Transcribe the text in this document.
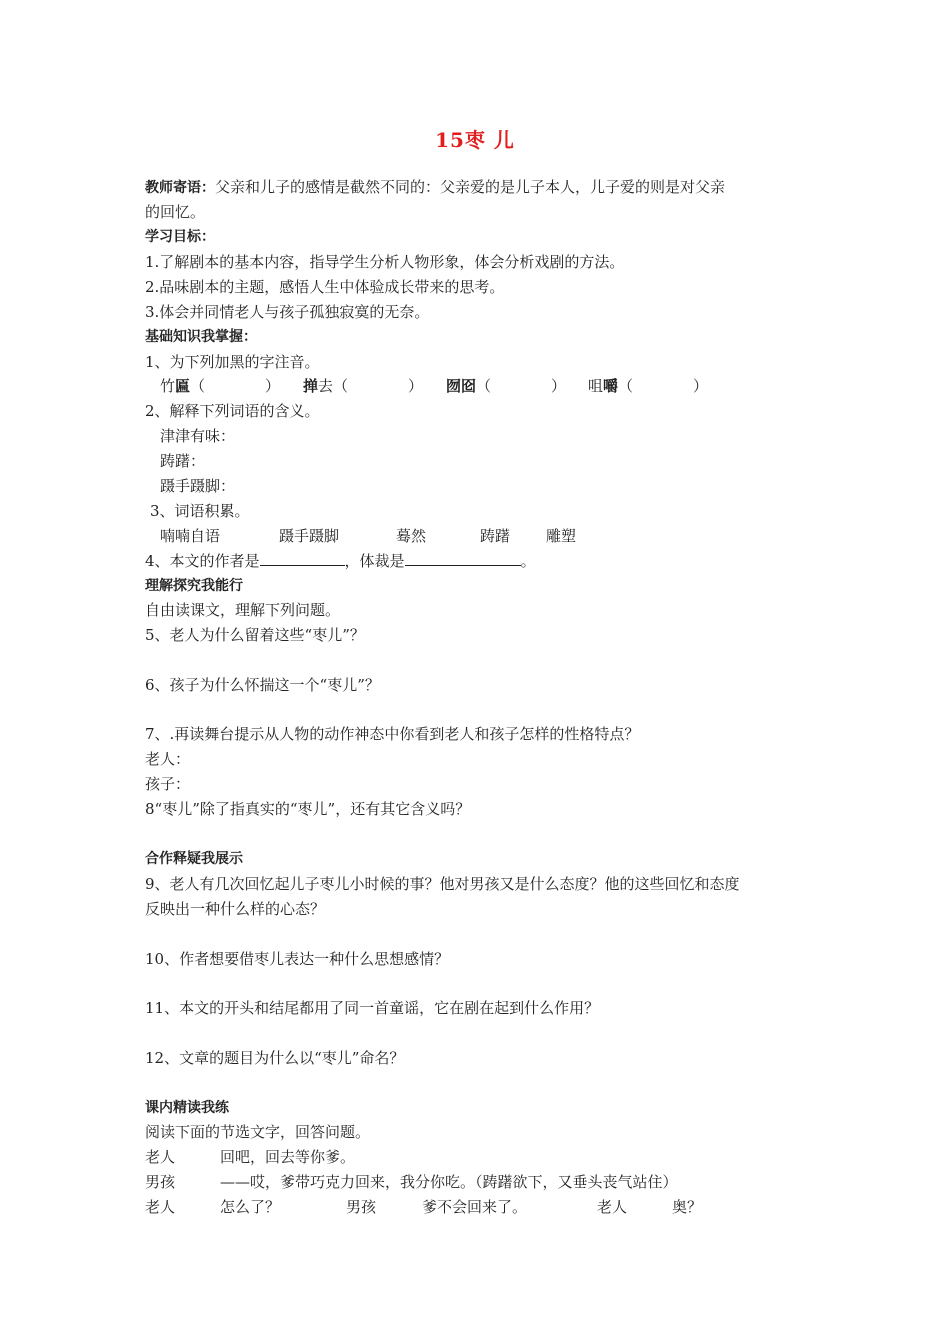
15枣 儿
教师寄语：父亲和儿子的感情是截然不同的：父亲爱的是儿子本人，儿子爱的则是对父亲
的回忆。
学习目标：
1.了解剧本的基本内容，指导学生分析人物形象，体会分析戏剧的方法。
2.品味剧本的主题，感悟人生中体验成长带来的思考。
3.体会并同情老人与孩子孤独寂寞的无奈。
基础知识我掌握：
1、为下列加黑的字注音。
竹匾（　　　　） 掸去（　　　　） 囫囵（　　　　） 咀嚼（　　　　）
2、解释下列词语的含义。
津津有味：
踌躇：
蹑手蹑脚：
3、词语积累。
喃喃自语	蹑手蹑脚	蓦然	踌躇 雕塑
4、本文的作者是	，体裁是	。
理解探究我能行
自由读课文，理解下列问题。
5、老人为什么留着这些“枣儿”？
6、孩子为什么怀揣这一个“枣儿”？
7、.再读舞台提示从人物的动作神态中你看到老人和孩子怎样的性格特点？
老人：
孩子：
8“枣儿”除了指真实的“枣儿”，还有其它含义吗？
合作释疑我展示
9、老人有几次回忆起儿子枣儿小时候的事？他对男孩又是什么态度？他的这些回忆和态度
反映出一种什么样的心态？
10、作者想要借枣儿表达一种什么思想感情？
11、本文的开头和结尾都用了同一首童谣，它在剧在起到什么作用？
12、文章的题目为什么以“枣儿”命名？
课内精读我练
阅读下面的节选文字，回答问题。
老人	回吧，回去等你爹。
男孩	——哎，爹带巧克力回来，我分你吃。（踌躇欲下，又垂头丧气站住）
老人	怎么了？	男孩	爹不会回来了。	老人	奥？
